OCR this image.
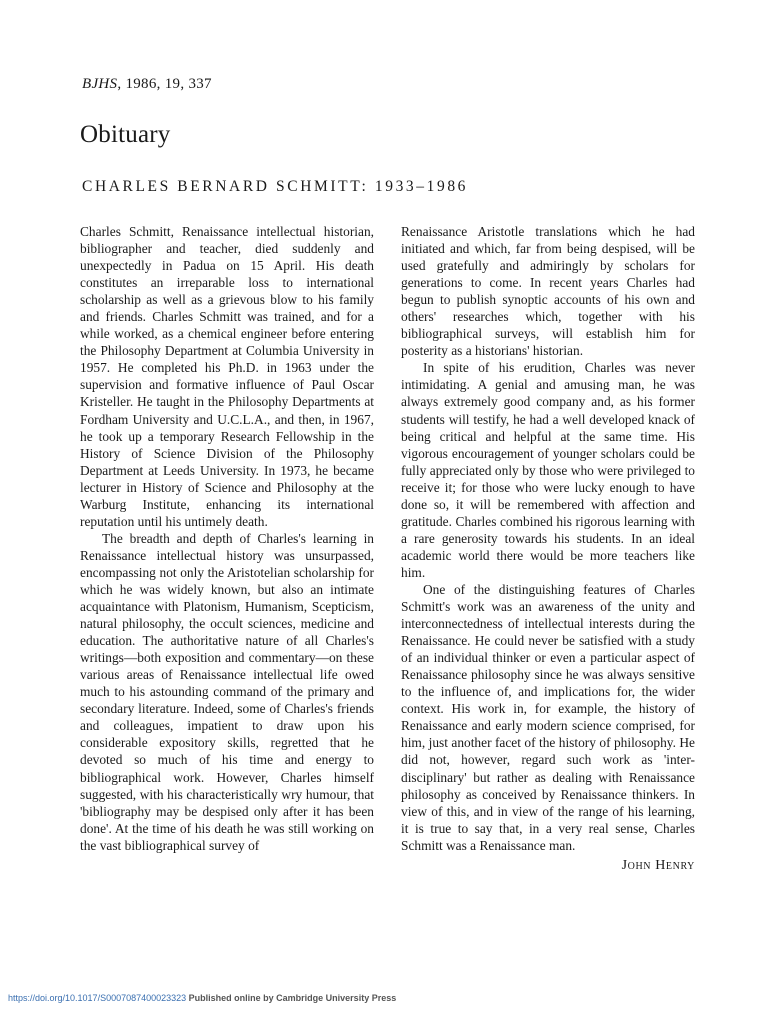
BJHS, 1986, 19, 337
Obituary
CHARLES BERNARD SCHMITT: 1933–1986

Charles Schmitt, Renaissance intellectual historian, bibliographer and teacher, died suddenly and unexpectedly in Padua on 15 April. His death constitutes an irreparable loss to international scholarship as well as a grievous blow to his family and friends. Charles Schmitt was trained, and for a while worked, as a chemical engineer before entering the Philosophy Department at Columbia University in 1957. He completed his Ph.D. in 1963 under the supervision and formative influence of Paul Oscar Kristeller. He taught in the Philosophy Departments at Fordham University and U.C.L.A., and then, in 1967, he took up a temporary Research Fellowship in the History of Science Division of the Philosophy Department at Leeds University. In 1973, he became lecturer in History of Science and Philosophy at the Warburg Institute, enhancing its international reputation until his untimely death.

The breadth and depth of Charles's learning in Renaissance intellectual history was unsurpassed, encompassing not only the Aristotelian scholarship for which he was widely known, but also an intimate acquaintance with Platonism, Humanism, Scepticism, natural philosophy, the occult sciences, medicine and education. The authoritative nature of all Charles's writings—both exposition and commentary—on these various areas of Renaissance intellectual life owed much to his astounding command of the primary and secondary literature. Indeed, some of Charles's friends and colleagues, impatient to draw upon his considerable expository skills, regretted that he devoted so much of his time and energy to bibliographical work. However, Charles himself suggested, with his characteristically wry humour, that 'bibliography may be despised only after it has been done'. At the time of his death he was still working on the vast bibliographical survey of

Renaissance Aristotle translations which he had initiated and which, far from being despised, will be used gratefully and admiringly by scholars for generations to come. In recent years Charles had begun to publish synoptic accounts of his own and others' researches which, together with his bibliographical surveys, will establish him for posterity as a historians' historian.

In spite of his erudition, Charles was never intimidating. A genial and amusing man, he was always extremely good company and, as his former students will testify, he had a well developed knack of being critical and helpful at the same time. His vigorous encouragement of younger scholars could be fully appreciated only by those who were privileged to receive it; for those who were lucky enough to have done so, it will be remembered with affection and gratitude. Charles combined his rigorous learning with a rare generosity towards his students. In an ideal academic world there would be more teachers like him.

One of the distinguishing features of Charles Schmitt's work was an awareness of the unity and interconnectedness of intellectual interests during the Renaissance. He could never be satisfied with a study of an individual thinker or even a particular aspect of Renaissance philosophy since he was always sensitive to the influence of, and implications for, the wider context. His work in, for example, the history of Renaissance and early modern science comprised, for him, just another facet of the history of philosophy. He did not, however, regard such work as 'inter-disciplinary' but rather as dealing with Renaissance philosophy as conceived by Renaissance thinkers. In view of this, and in view of the range of his learning, it is true to say that, in a very real sense, Charles Schmitt was a Renaissance man.

John Henry
https://doi.org/10.1017/S0007087400023323 Published online by Cambridge University Press
